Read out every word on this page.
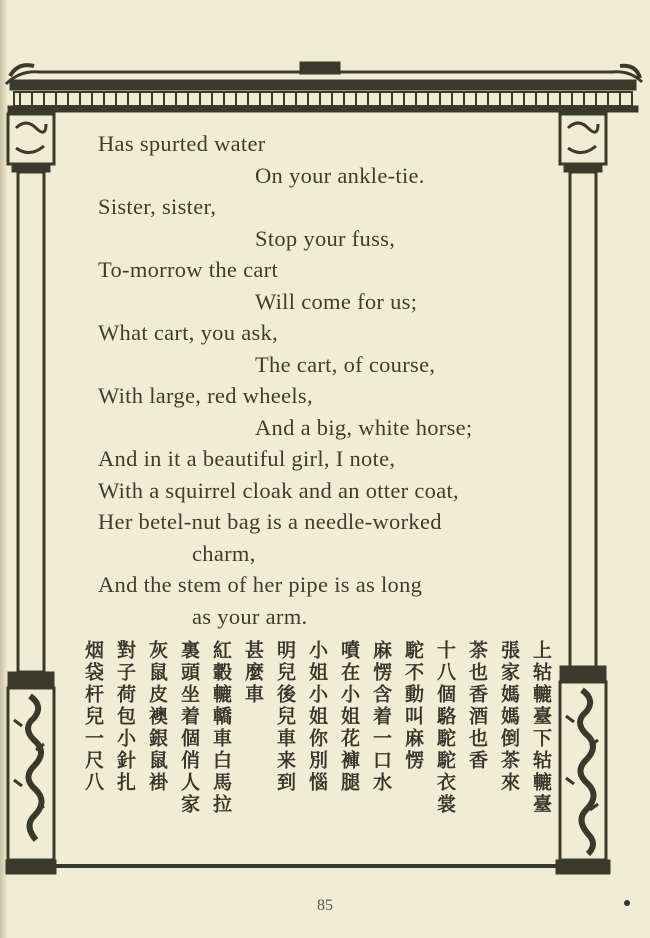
Has spurted water
On your ankle-tie.
Sister, sister,
Stop your fuss,
To-morrow the cart
Will come for us;
What cart, you ask,
The cart, of course,
With large, red wheels,
And a big, white horse;
And in it a beautiful girl, I note,
With a squirrel cloak and an otter coat,
Her betel-nut bag is a needle-worked
charm,
And the stem of her pipe is as long
as your arm.
上轱轆臺下轱轆臺
張家媽媽倒茶來
茶也香酒也香
十八個駱駝駝衣裳
駝不動叫麻愣
麻愣含着一口水
噴在小姐花褲腿
小姐小姐你別惱
明兒後兒車来到
甚麼車
紅轂轆轎車白馬拉
裏頭坐着個俏人家
灰鼠皮襖銀鼠褂
對子荷包小針扎
烟袋杆兒一尺八
85
